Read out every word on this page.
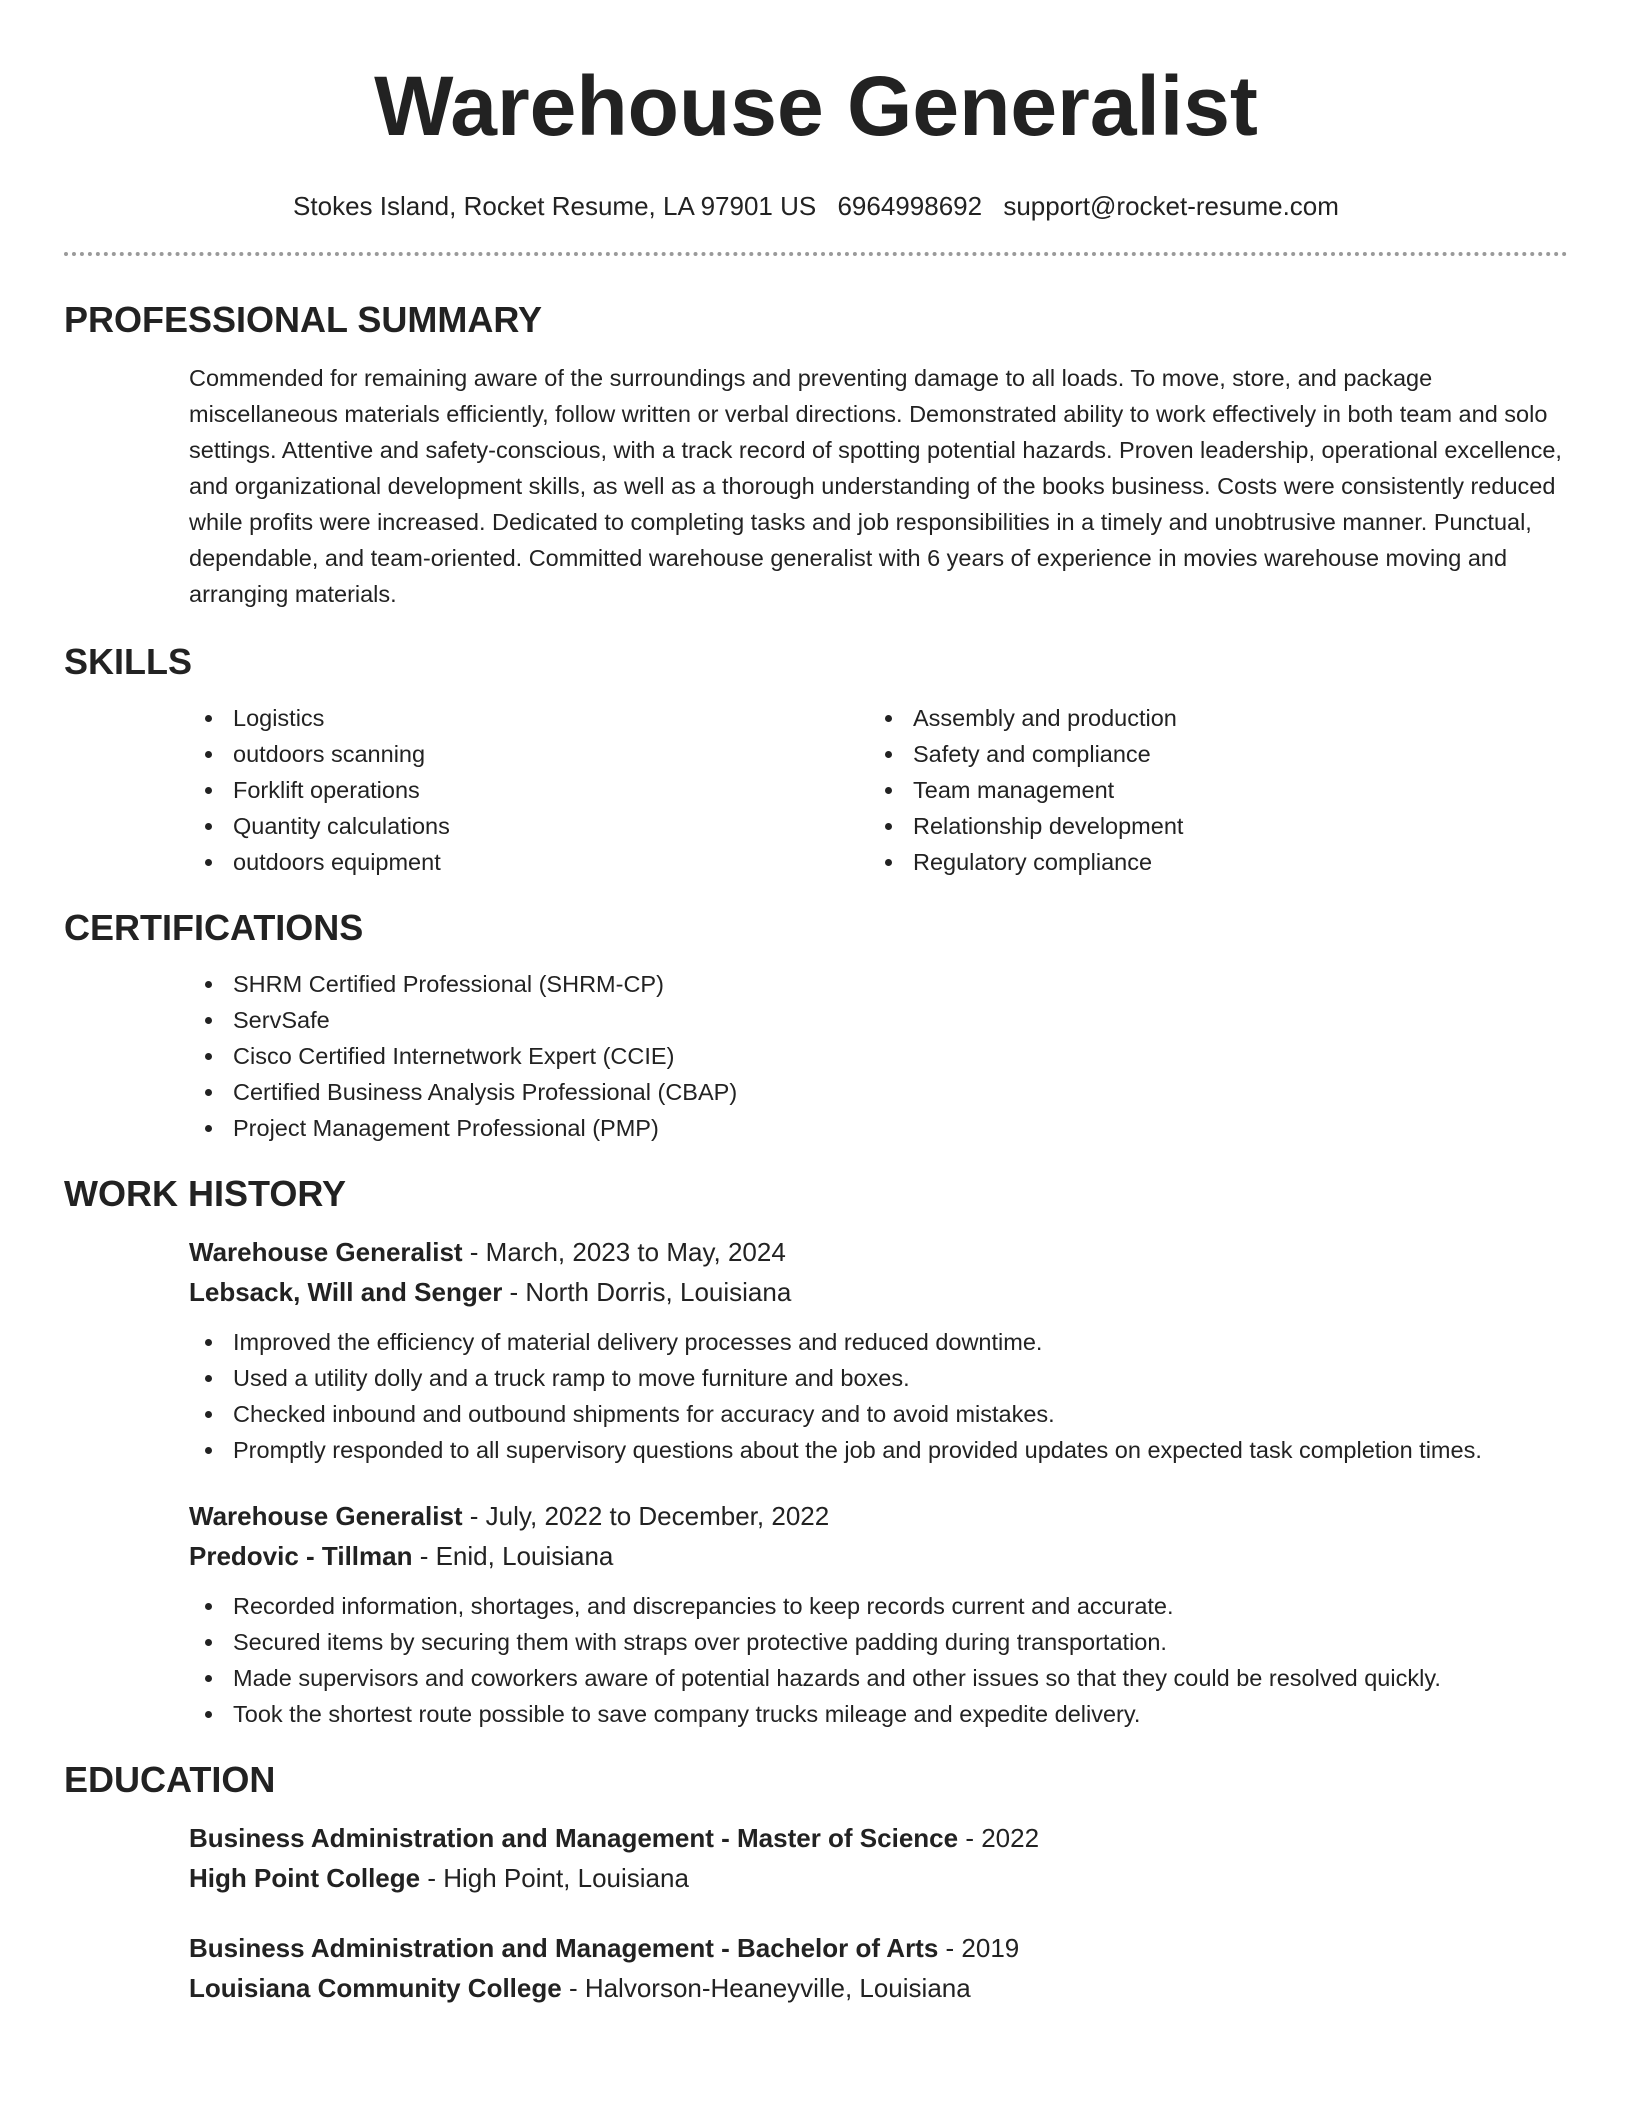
Warehouse Generalist
Stokes Island, Rocket Resume, LA 97901 US 6964998692 support@rocket-resume.com
PROFESSIONAL SUMMARY

Commended for remaining aware of the surroundings and preventing damage to all loads. To move, store, and package miscellaneous materials efficiently, follow written or verbal directions. Demonstrated ability to work effectively in both team and solo settings. Attentive and safety-conscious, with a track record of spotting potential hazards. Proven leadership, operational excellence, and organizational development skills, as well as a thorough understanding of the books business. Costs were consistently reduced while profits were increased. Dedicated to completing tasks and job responsibilities in a timely and unobtrusive manner. Punctual, dependable, and team-oriented. Committed warehouse generalist with 6 years of experience in movies warehouse moving and arranging materials.

SKILLS
Logistics
outdoors scanning
Forklift operations
Quantity calculations
outdoors equipment
Assembly and production
Safety and compliance
Team management
Relationship development
Regulatory compliance
CERTIFICATIONS
SHRM Certified Professional (SHRM-CP)
ServSafe
Cisco Certified Internetwork Expert (CCIE)
Certified Business Analysis Professional (CBAP)
Project Management Professional (PMP)
WORK HISTORY
Warehouse Generalist - March, 2023 to May, 2024
Lebsack, Will and Senger - North Dorris, Louisiana
Improved the efficiency of material delivery processes and reduced downtime.
Used a utility dolly and a truck ramp to move furniture and boxes.
Checked inbound and outbound shipments for accuracy and to avoid mistakes.
Promptly responded to all supervisory questions about the job and provided updates on expected task completion times.
Warehouse Generalist - July, 2022 to December, 2022
Predovic - Tillman - Enid, Louisiana
Recorded information, shortages, and discrepancies to keep records current and accurate.
Secured items by securing them with straps over protective padding during transportation.
Made supervisors and coworkers aware of potential hazards and other issues so that they could be resolved quickly.
Took the shortest route possible to save company trucks mileage and expedite delivery.
EDUCATION
Business Administration and Management - Master of Science - 2022
High Point College - High Point, Louisiana
Business Administration and Management - Bachelor of Arts - 2019
Louisiana Community College - Halvorson-Heaneyville, Louisiana
